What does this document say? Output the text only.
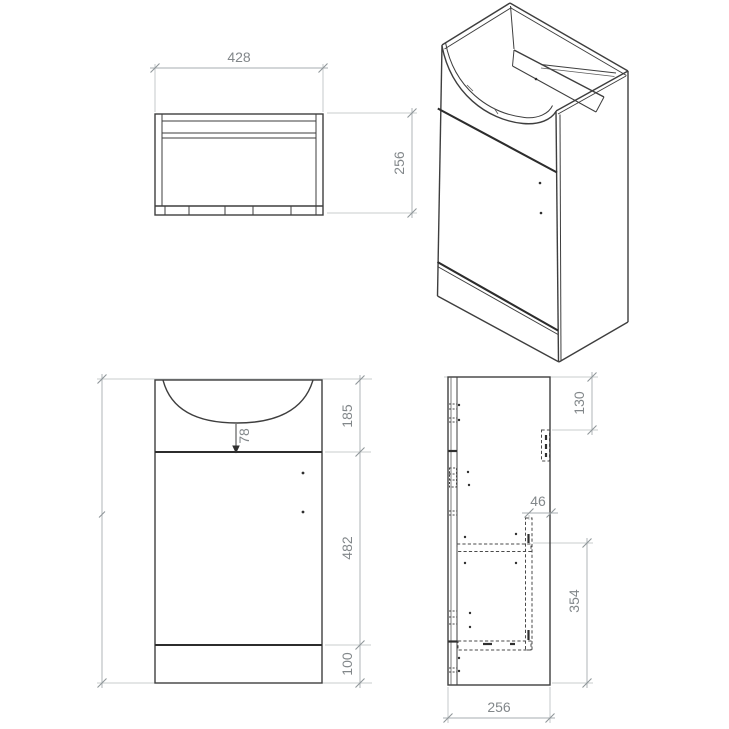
428
256
78
185
482
100
130
46
354
256
